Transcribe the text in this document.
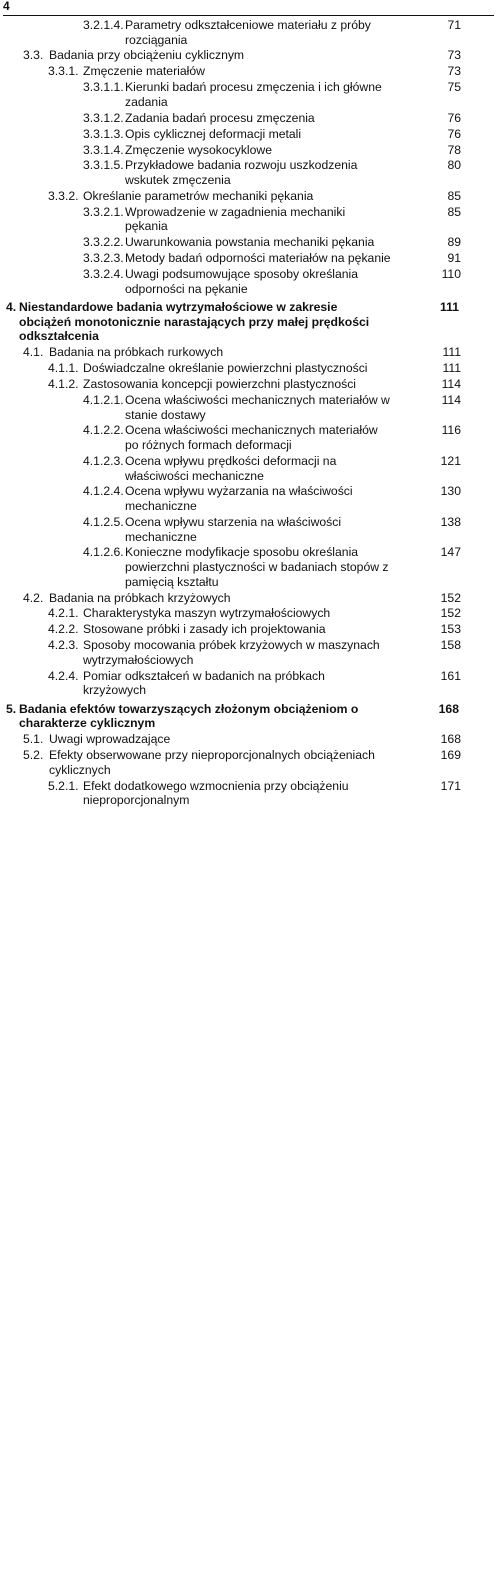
4
3.2.1.4. Parametry odkształceniowe materiału z próby rozciągania
71
3.3. Badania przy obciążeniu cyklicznym	73
3.3.1. Zmęczenie materiałów	73
3.3.1.1. Kierunki badań procesu zmęczenia i ich główne zadania
75
3.3.1.2. Zadania badań procesu zmęczenia	76
3.3.1.3. Opis cyklicznej deformacji metali	76
3.3.1.4. Zmęczenie wysokocyklowe	78
3.3.1.5. Przykładowe badania rozwoju uszkodzenia wskutek zmęczenia
80
3.3.2. Określanie parametrów mechaniki pękania	85
3.3.2.1. Wprowadzenie w zagadnienia mechaniki pękania
85
3.3.2.2. Uwarunkowania powstania mechaniki pękania	89
3.3.2.3. Metody badań odporności materiałów na pękanie	91
3.3.2.4. Uwagi podsumowujące sposoby określania odporności na pękanie
110
4. Niestandardowe badania wytrzymałościowe w zakresie obciążeń monotonicznie narastających przy małej prędkości odkształcenia
111
4.1. Badania na próbkach rurkowych	111
4.1.1. Doświadczalne określanie powierzchni plastyczności	111
4.1.2. Zastosowania koncepcji powierzchni plastyczności	114
4.1.2.1. Ocena właściwości mechanicznych materiałów w stanie dostawy
114
4.1.2.2. Ocena właściwości mechanicznych materiałów po różnych formach deformacji
116
4.1.2.3. Ocena wpływu prędkości deformacji na właściwości mechaniczne
121
4.1.2.4. Ocena wpływu wyżarzania na właściwości mechaniczne
130
4.1.2.5. Ocena wpływu starzenia na właściwości mechaniczne
138
4.1.2.6. Konieczne modyfikacje sposobu określania powierzchni plastyczności w badaniach stopów z pamięcią kształtu
147
4.2. Badania na próbkach krzyżowych	152
4.2.1. Charakterystyka maszyn wytrzymałościowych	152
4.2.2. Stosowane próbki i zasady ich projektowania	153
4.2.3. Sposoby mocowania próbek krzyżowych w maszynach wytrzymałościowych
158
4.2.4. Pomiar odkształceń w badanich na próbkach krzyżowych
161
5. Badania efektów towarzyszących złożonym obciążeniom o charakterze cyklicznym
168
5.1. Uwagi wprowadzające	168
5.2. Efekty obserwowane przy nieproporcjonalnych obciążeniach cyklicznych
169
5.2.1. Efekt dodatkowego wzmocnienia przy obciążeniu nieproporcjonalnym
171
